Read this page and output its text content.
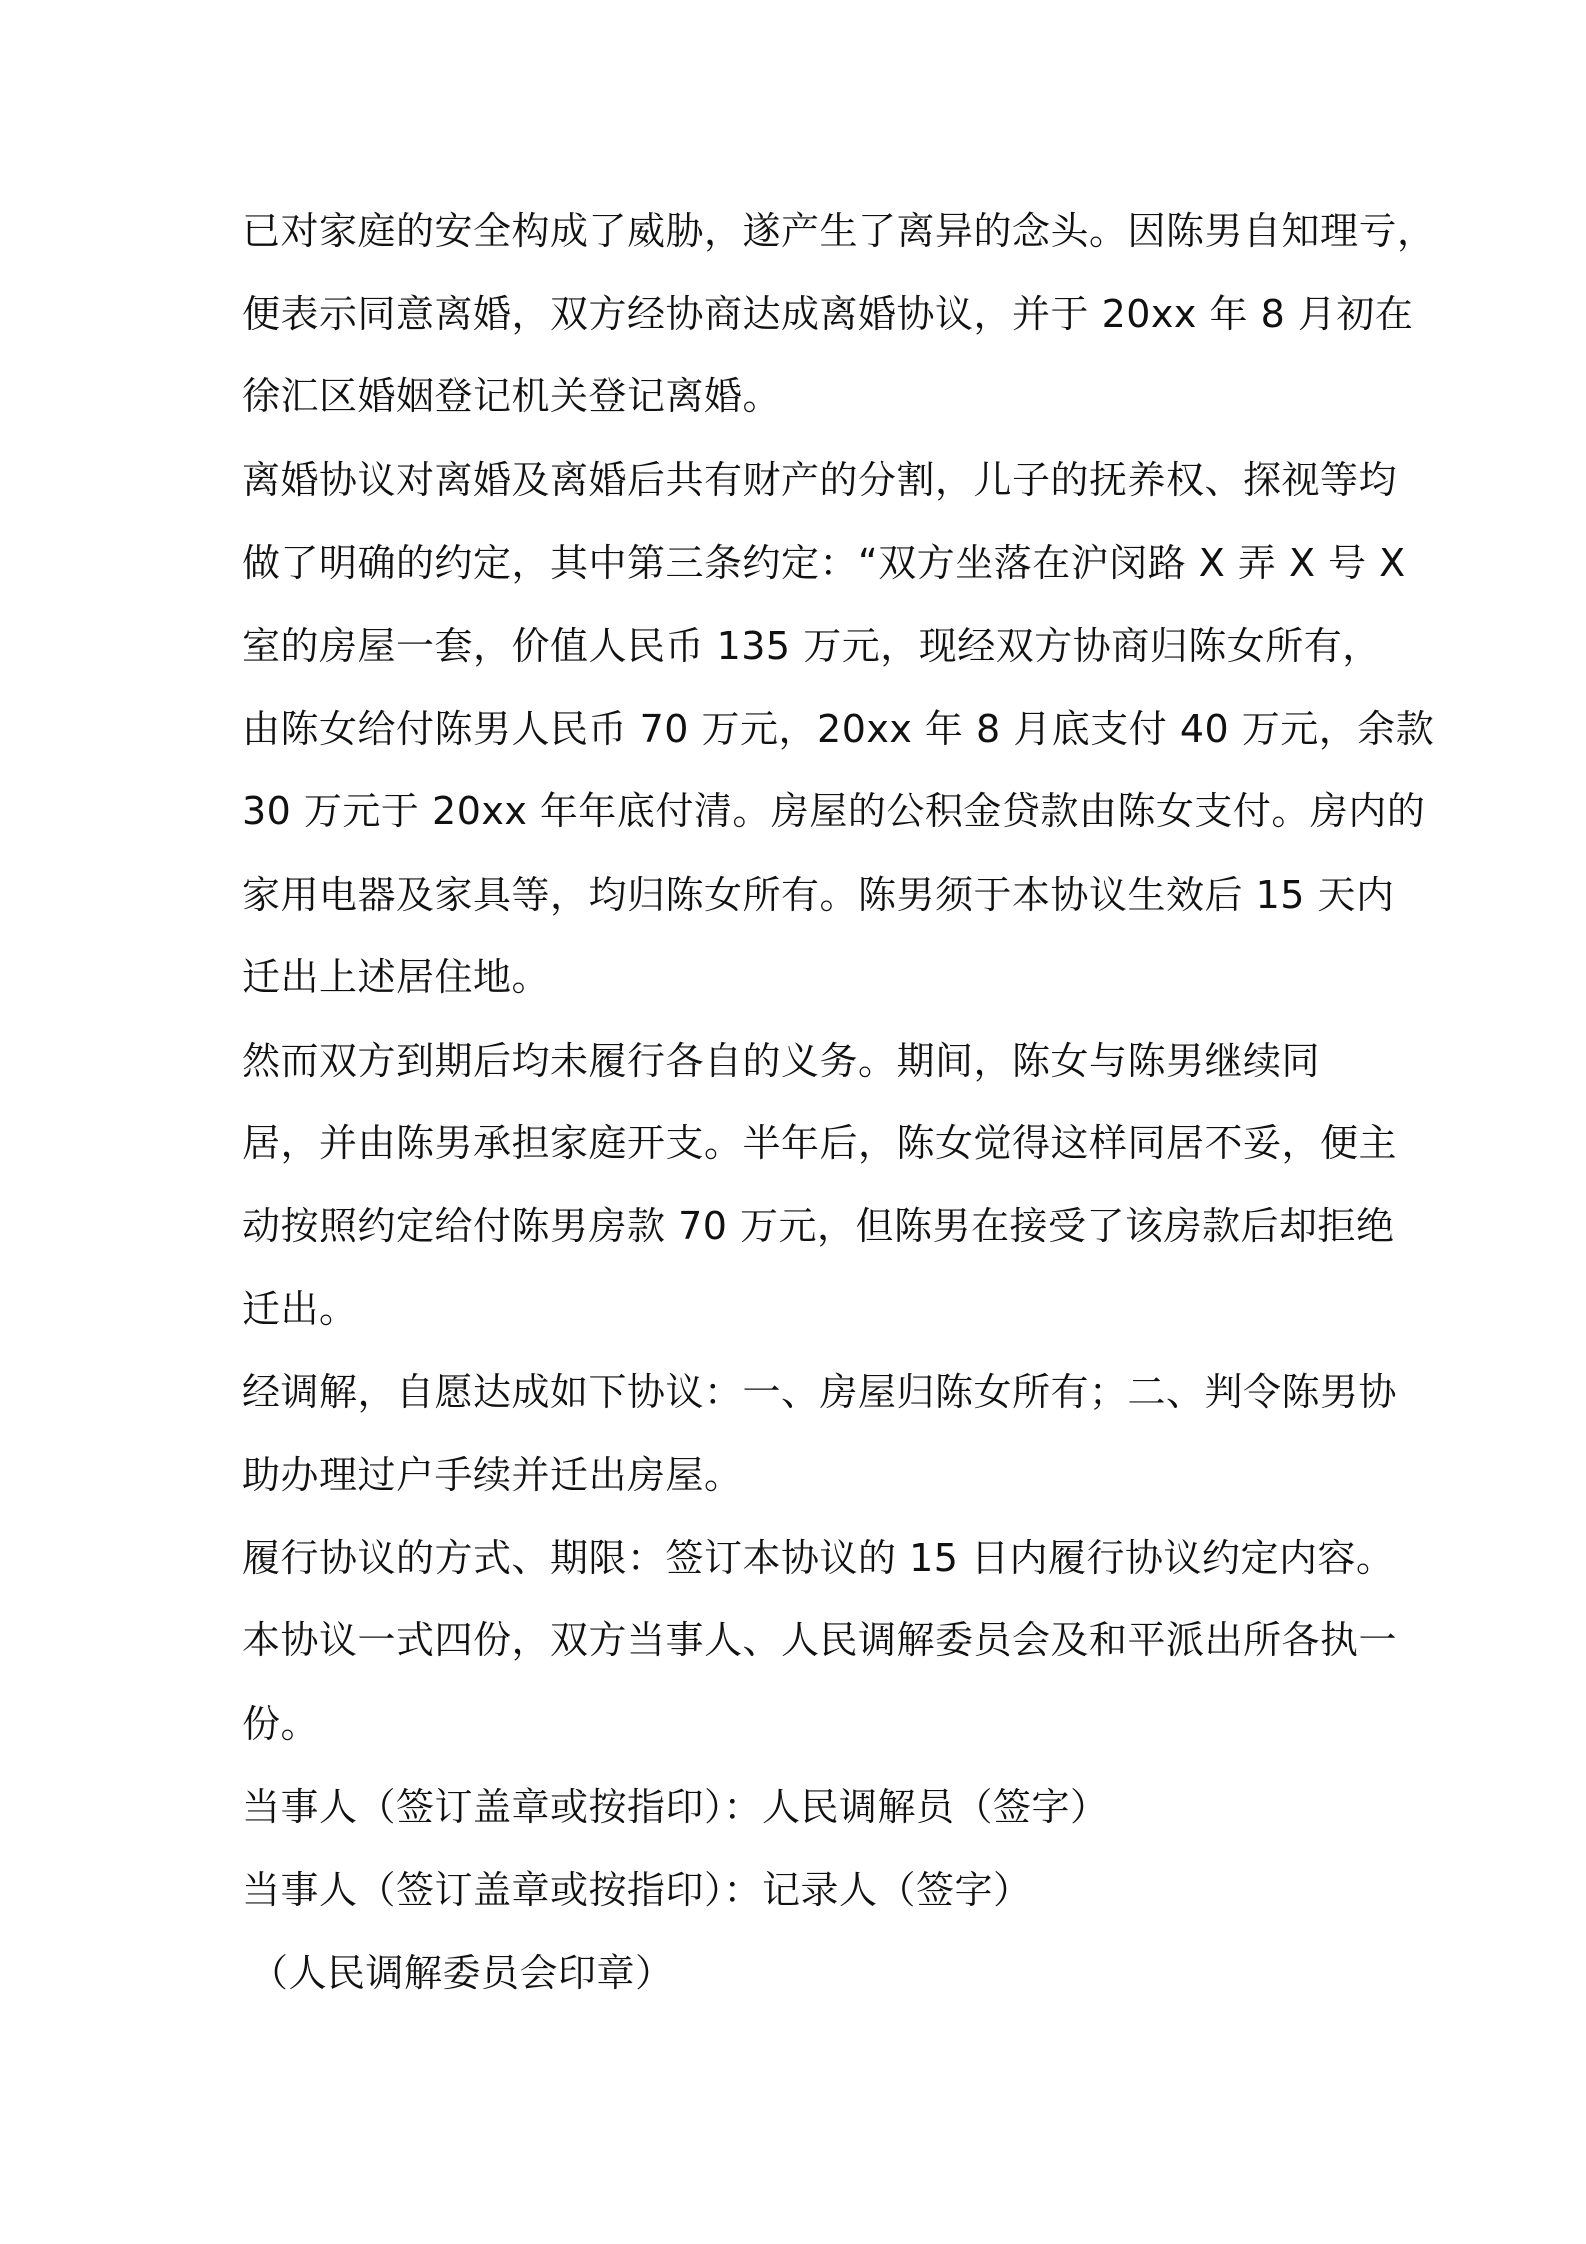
已对家庭的安全构成了威胁，遂产生了离异的念头。因陈男自知理亏，
便表示同意离婚，双方经协商达成离婚协议，并于 20xx 年 8 月初在
徐汇区婚姻登记机关登记离婚。
离婚协议对离婚及离婚后共有财产的分割，儿子的抚养权、探视等均
做了明确的约定，其中第三条约定：“双方坐落在沪闵路 X 弄 X 号 X
室的房屋一套，价值人民币 135 万元，现经双方协商归陈女所有，
由陈女给付陈男人民币 70 万元，20xx 年 8 月底支付 40 万元，余款
30 万元于 20xx 年年底付清。房屋的公积金贷款由陈女支付。房内的
家用电器及家具等，均归陈女所有。陈男须于本协议生效后 15 天内
迁出上述居住地。
然而双方到期后均未履行各自的义务。期间，陈女与陈男继续同
居，并由陈男承担家庭开支。半年后，陈女觉得这样同居不妥，便主
动按照约定给付陈男房款 70 万元，但陈男在接受了该房款后却拒绝
迁出。
经调解，自愿达成如下协议：一、房屋归陈女所有；二、判令陈男协
助办理过户手续并迁出房屋。
履行协议的方式、期限：签订本协议的 15 日内履行协议约定内容。
本协议一式四份，双方当事人、人民调解委员会及和平派出所各执一
份。
当事人（签订盖章或按指印）：人民调解员（签字）
当事人（签订盖章或按指印）：记录人（签字）
（人民调解委员会印章）
